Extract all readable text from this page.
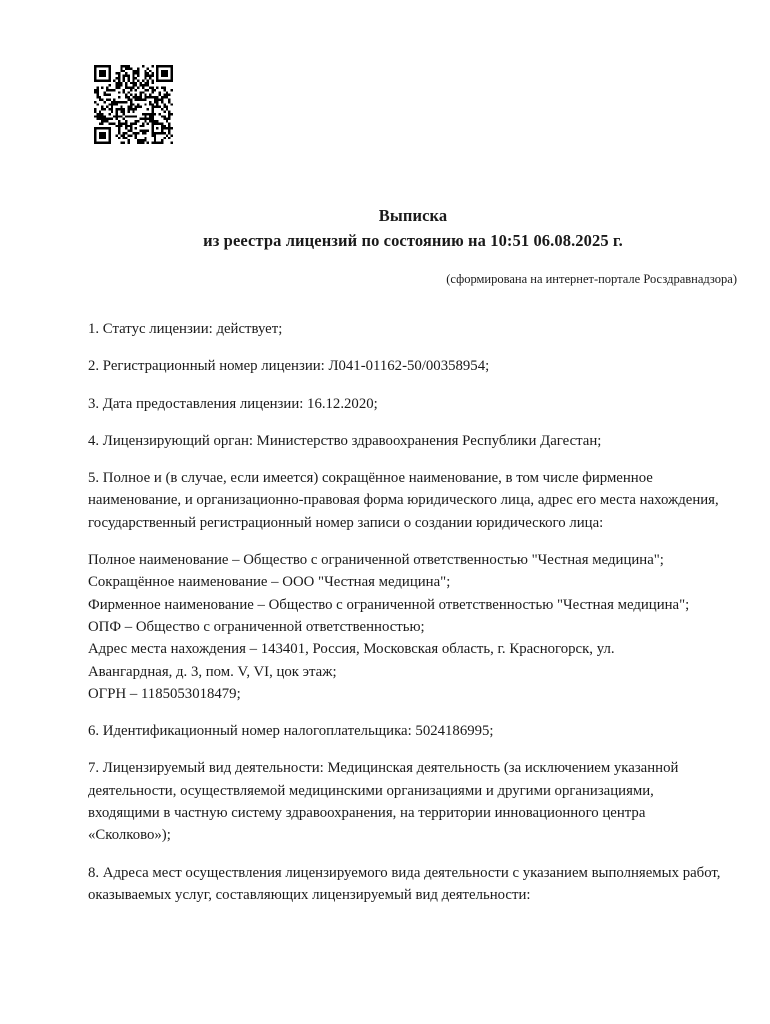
Выписка
из реестра лицензий по состоянию на 10:51 06.08.2025 г.
(сформирована на интернет-портале Росздравнадзора)

1. Статус лицензии: действует;

2. Регистрационный номер лицензии: Л041-01162-50/00358954;

3. Дата предоставления лицензии: 16.12.2020;

4. Лицензирующий орган: Министерство здравоохранения Республики Дагестан;

5. Полное и (в случае, если имеется) сокращённое наименование, в том числе фирменное наименование, и организационно-правовая форма юридического лица, адрес его места нахождения, государственный регистрационный номер записи о создании юридического лица:

Полное наименование – Общество с ограниченной ответственностью "Честная медицина";
Сокращённое наименование – ООО "Честная медицина";
Фирменное наименование – Общество с ограниченной ответственностью "Честная медицина";
ОПФ – Общество с ограниченной ответственностью;
Адрес места нахождения – 143401, Россия, Московская область, г. Красногорск, ул.
Авангардная, д. 3, пом. V, VI, цок этаж;
ОГРН – 1185053018479;

6. Идентификационный номер налогоплательщика: 5024186995;

7. Лицензируемый вид деятельности: Медицинская деятельность (за исключением указанной деятельности, осуществляемой медицинскими организациями и другими организациями, входящими в частную систему здравоохранения, на территории инновационного центра «Сколково»);

8. Адреса мест осуществления лицензируемого вида деятельности с указанием выполняемых работ, оказываемых услуг, составляющих лицензируемый вид деятельности:
